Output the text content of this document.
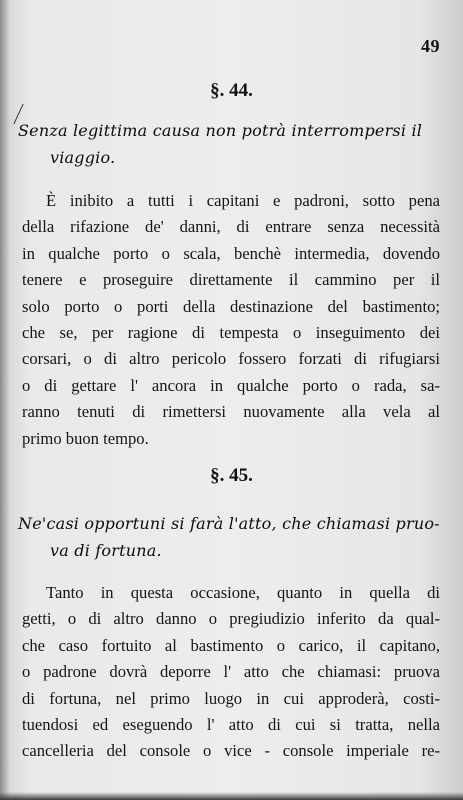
49
§. 44.
Senza legittima causa non potrà interrompersi il
viaggio.
È inibito a tutti i capitani e padroni, sotto pena
della rifazione de' danni, di entrare senza necessità
in qualche porto o scala, benchè intermedia, dovendo
tenere e proseguire direttamente il cammino per il
solo porto o porti della destinazione del bastimento;
che se, per ragione di tempesta o inseguimento dei
corsari, o di altro pericolo fossero forzati di rifugiarsi
o di gettare l' ancora in qualche porto o rada, sa-
ranno tenuti di rimettersi nuovamente alla vela al
primo buon tempo.
§. 45.
Ne'casi opportuni si farà l'atto, che chiamasi pruo-
va di fortuna.
Tanto in questa occasione, quanto in quella di
getti, o di altro danno o pregiudizio inferito da qual-
che caso fortuito al bastimento o carico, il capitano,
o padrone dovrà deporre l' atto che chiamasi: pruova
di fortuna, nel primo luogo in cui approderà, costi-
tuendosi ed eseguendo l' atto di cui si tratta, nella
cancelleria del console o vice - console imperiale re-
